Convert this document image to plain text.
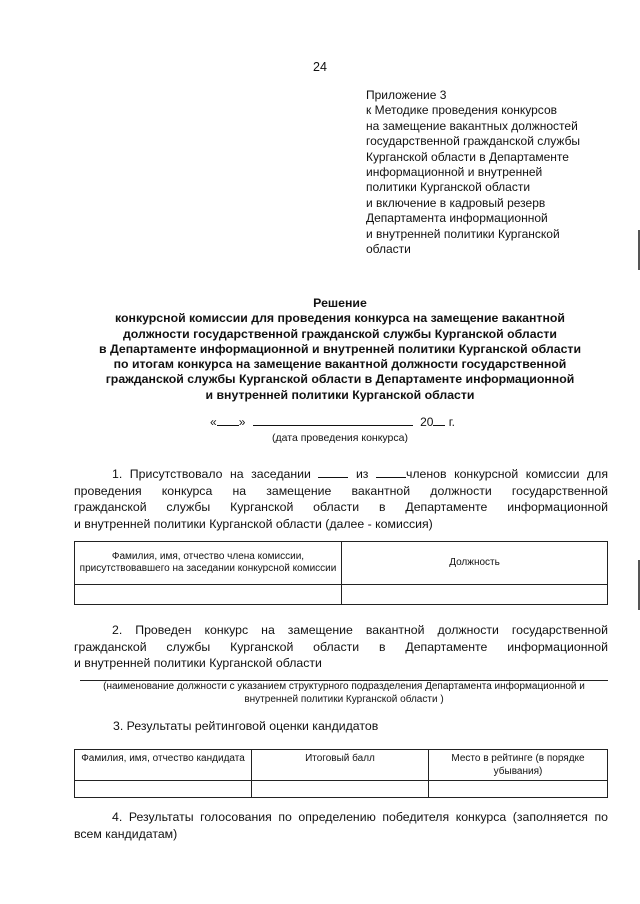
24
Приложение 3
к Методике проведения конкурсов
на замещение вакантных должностей
государственной гражданской службы
Курганской области в Департаменте
информационной и внутренней
политики Курганской области
и включение в кадровый резерв
Департамента информационной
и внутренней политики Курганской
области
Решение
конкурсной комиссии для проведения конкурса на замещение вакантной
должности государственной гражданской службы Курганской области
в Департаменте информационной и внутренней политики Курганской области
по итогам конкурса на замещение вакантной должности государственной
гражданской службы Курганской области в Департаменте информационной
и внутренней политики Курганской области
« »	20 г.
(дата проведения конкурса)
1. Присутствовало на заседании	из	членов конкурсной комиссии для
проведения конкурса на замещение вакантной должности государственной
гражданской службы Курганской области в Департаменте информационной
и внутренней политики Курганской области (далее - комиссия)
Фамилия, имя, отчество члена комиссии, присутствовавшего на заседании конкурсной комиссии	Должность

2. Проведен конкурс на замещение вакантной должности государственной
гражданской службы Курганской области в Департаменте информационной
и внутренней политики Курганской области
(наименование должности с указанием структурного подразделения Департамента информационной и внутренней политики Курганской области )
3. Результаты рейтинговой оценки кандидатов
Фамилия, имя, отчество кандидата	Итоговый балл	Место в рейтинге (в порядке убывания)

4. Результаты голосования по определению победителя конкурса (заполняется по
всем кандидатам)
